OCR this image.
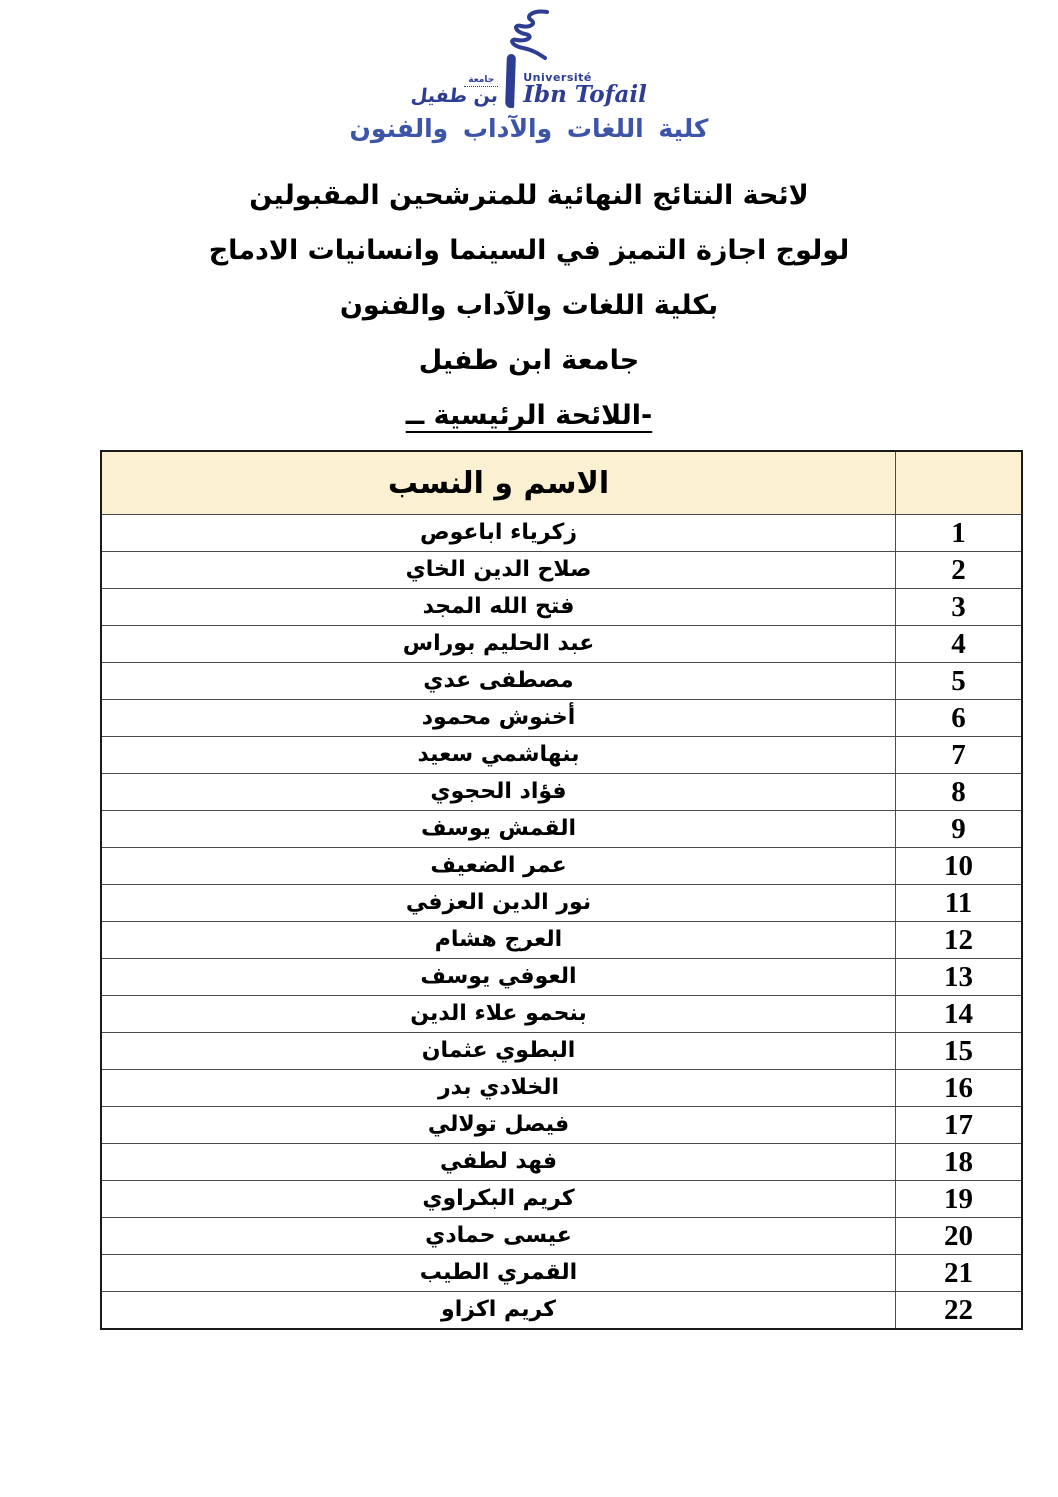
جامعة
بن طفيل
Université
Ibn Tofail
كلية اللغات والآداب والفنون
لائحة النتائج النهائية للمترشحين المقبولين
لولوج اجازة التميز في السينما وانسانيات الادماج
بكلية اللغات والآداب والفنون
جامعة ابن طفيل
-اللائحة الرئيسية ــ
الاسم و النسب	
زكرياء اباعوص	1
صلاح الدين الخاي	2
فتح الله المجد	3
عبد الحليم بوراس	4
مصطفى عدي	5
أخنوش محمود	6
بنهاشمي سعيد	7
فؤاد الحجوي	8
القمش يوسف	9
عمر الضعيف	10
نور الدين العزفي	11
العرج هشام	12
العوفي يوسف	13
بنحمو علاء الدين	14
البطوي عثمان	15
الخلادي بدر	16
فيصل تولالي	17
فهد لطفي	18
كريم البكراوي	19
عيسى حمادي	20
القمري الطيب	21
كريم اكزاو	22
